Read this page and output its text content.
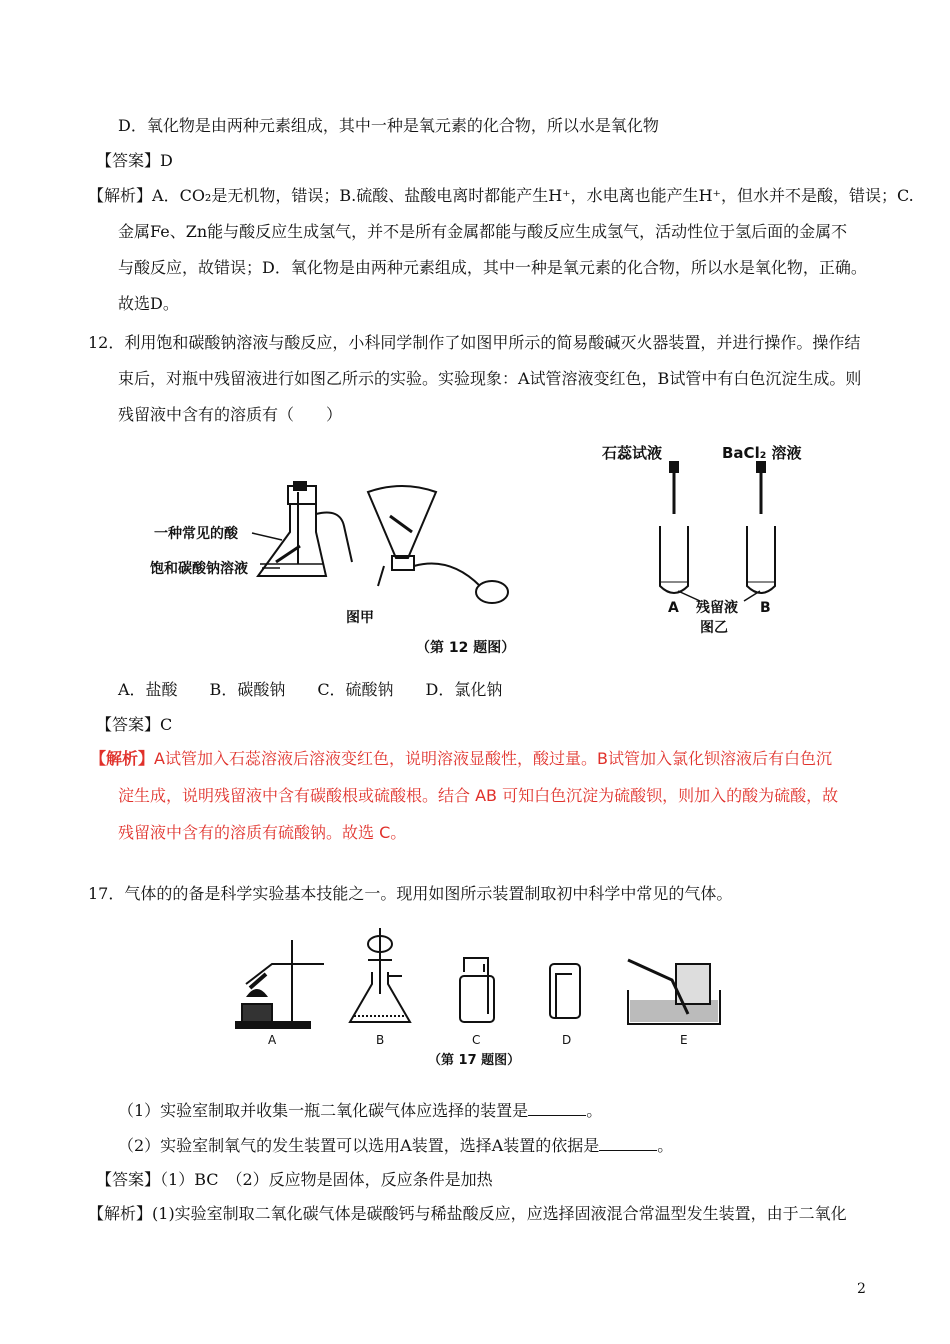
D．氧化物是由两种元素组成，其中一种是氧元素的化合物，所以水是氧化物
【答案】D
【解析】A．CO₂是无机物，错误；B.硫酸、盐酸电离时都能产生H⁺，水电离也能产生H⁺，但水并不是酸，错误；C.
金属Fe、Zn能与酸反应生成氢气，并不是所有金属都能与酸反应生成氢气，活动性位于氢后面的金属不
与酸反应，故错误；D．氧化物是由两种元素组成，其中一种是氧元素的化合物，所以水是氧化物，正确。
故选D。
12．利用饱和碳酸钠溶液与酸反应，小科同学制作了如图甲所示的简易酸碱灭火器装置，并进行操作。操作结
束后，对瓶中残留液进行如图乙所示的实验。实验现象：A试管溶液变红色，B试管中有白色沉淀生成。则
残留液中含有的溶质有（　　）
一种常见的酸
饱和碳酸钠溶液
图甲
石蕊试液	BaCl₂ 溶液
A 残留液 B
图乙
（第 12 题图）
A．盐酸　　B．碳酸钠　　C．硫酸钠　　D．氯化钠
【答案】C
【解析】A试管加入石蕊溶液后溶液变红色，说明溶液显酸性，酸过量。B试管加入氯化钡溶液后有白色沉
淀生成，说明残留液中含有碳酸根或硫酸根。结合 AB 可知白色沉淀为硫酸钡，则加入的酸为硫酸，故
残留液中含有的溶质有硫酸钠。故选 C。
17．气体的的备是科学实验基本技能之一。现用如图所示装置制取初中科学中常见的气体。
A	B	C	D	E
（第 17 题图）
（1）实验室制取并收集一瓶二氧化碳气体应选择的装置是	。
（2）实验室制氧气的发生装置可以选用A装置，选择A装置的依据是	。
【答案】（1）BC　（2）反应物是固体，反应条件是加热
【解析】(1)实验室制取二氧化碳气体是碳酸钙与稀盐酸反应，应选择固液混合常温型发生装置，由于二氧化
2
